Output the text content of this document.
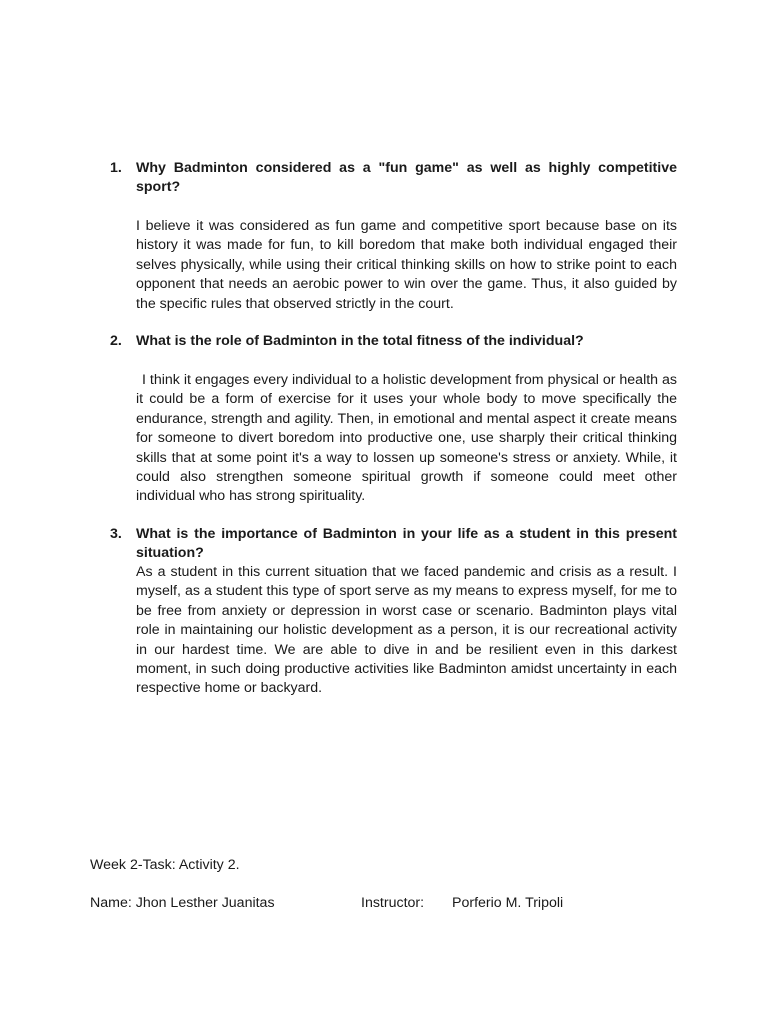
1. Why Badminton considered as a "fun game" as well as highly competitive sport?
I believe it was considered as fun game and competitive sport because base on its history it was made for fun, to kill boredom that make both individual engaged their selves physically, while using their critical thinking skills on how to strike point to each opponent that needs an aerobic power to win over the game. Thus, it also guided by the specific rules that observed strictly in the court.
2. What is the role of Badminton in the total fitness of the individual?
I think it engages every individual to a holistic development from physical or health as it could be a form of exercise for it uses your whole body to move specifically the endurance, strength and agility. Then, in emotional and mental aspect it create means for someone to divert boredom into productive one, use sharply their critical thinking skills that at some point it's a way to lossen up someone's stress or anxiety. While, it could also strengthen someone spiritual growth if someone could meet other individual who has strong spirituality.
3. What is the importance of Badminton in your life as a student in this present situation?
As a student in this current situation that we faced pandemic and crisis as a result. I myself, as a student this type of sport serve as my means to express myself, for me to be free from anxiety or depression in worst case or scenario. Badminton plays vital role in maintaining our holistic development as a person, it is our recreational activity in our hardest time. We are able to dive in and be resilient even in this darkest moment, in such doing productive activities like Badminton amidst uncertainty in each respective home or backyard.
Week 2-Task: Activity 2.
Name: Jhon Lesther Juanitas	Instructor: Porferio M. Tripoli
